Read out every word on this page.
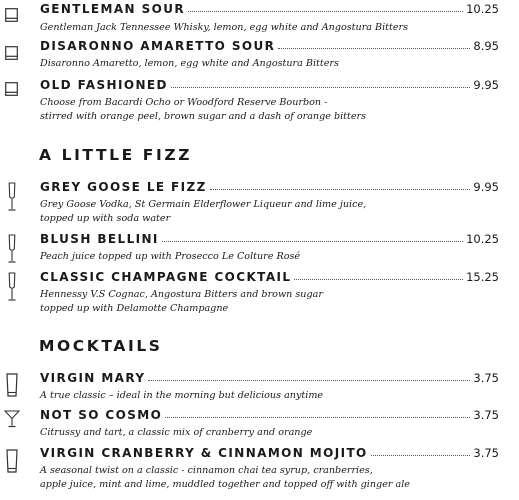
GENTLEMAN SOUR	10.25
Gentleman Jack Tennessee Whisky, lemon, egg white and Angostura Bitters
DISARONNO AMARETTO SOUR	8.95
Disaronno Amaretto, lemon, egg white and Angostura Bitters
OLD FASHIONED	9.95
Choose from Bacardi Ocho or Woodford Reserve Bourbon -
stirred with orange peel, brown sugar and a dash of orange bitters
A LITTLE FIZZ
GREY GOOSE LE FIZZ	9.95
Grey Goose Vodka, St Germain Elderflower Liqueur and lime juice,
topped up with soda water
BLUSH BELLINI	10.25
Peach juice topped up with Prosecco Le Colture Rosé
CLASSIC CHAMPAGNE COCKTAIL	15.25
Hennessy V.S Cognac, Angostura Bitters and brown sugar
topped up with Delamotte Champagne
MOCKTAILS
VIRGIN MARY	3.75
A true classic – ideal in the morning but delicious anytime
NOT SO COSMO	3.75
Citrussy and tart, a classic mix of cranberry and orange
VIRGIN CRANBERRY & CINNAMON MOJITO	3.75
A seasonal twist on a classic - cinnamon chai tea syrup, cranberries,
apple juice, mint and lime, muddled together and topped off with ginger ale
